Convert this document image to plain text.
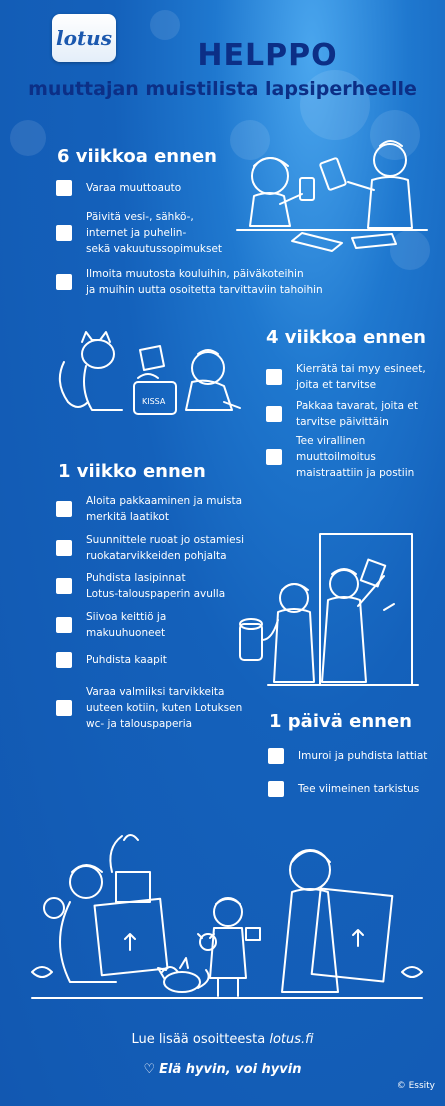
lotus	HELPPO
muuttajan muistilista lapsiperheelle
6 viikkoa ennen
Varaa muuttoauto
Päivitä vesi-, sähkö-,
internet ja puhelin-
sekä vakuutussopimukset
Ilmoita muutosta kouluihin, päiväkoteihin
ja muihin uutta osoitetta tarvittaviin tahoihin
4 viikkoa ennen
Kierrätä tai myy esineet,
joita et tarvitse
Pakkaa tavarat, joita et
tarvitse päivittäin
Tee virallinen
muuttoilmoitus
maistraattiin ja postiin
KISSA
1 viikko ennen
Aloita pakkaaminen ja muista
merkitä laatikot
Suunnittele ruoat jo ostamiesi
ruokatarvikkeiden pohjalta
Puhdista lasipinnat
Lotus-talouspaperin avulla
Siivoa keittiö ja
makuuhuoneet
Puhdista kaapit
Varaa valmiiksi tarvikkeita
uuteen kotiin, kuten Lotuksen
wc- ja talouspaperia	1 päivä ennen
Imuroi ja puhdista lattiat
Tee viimeinen tarkistus
Lue lisää osoitteesta lotus.fi
♡ Elä hyvin, voi hyvin
© Essity
